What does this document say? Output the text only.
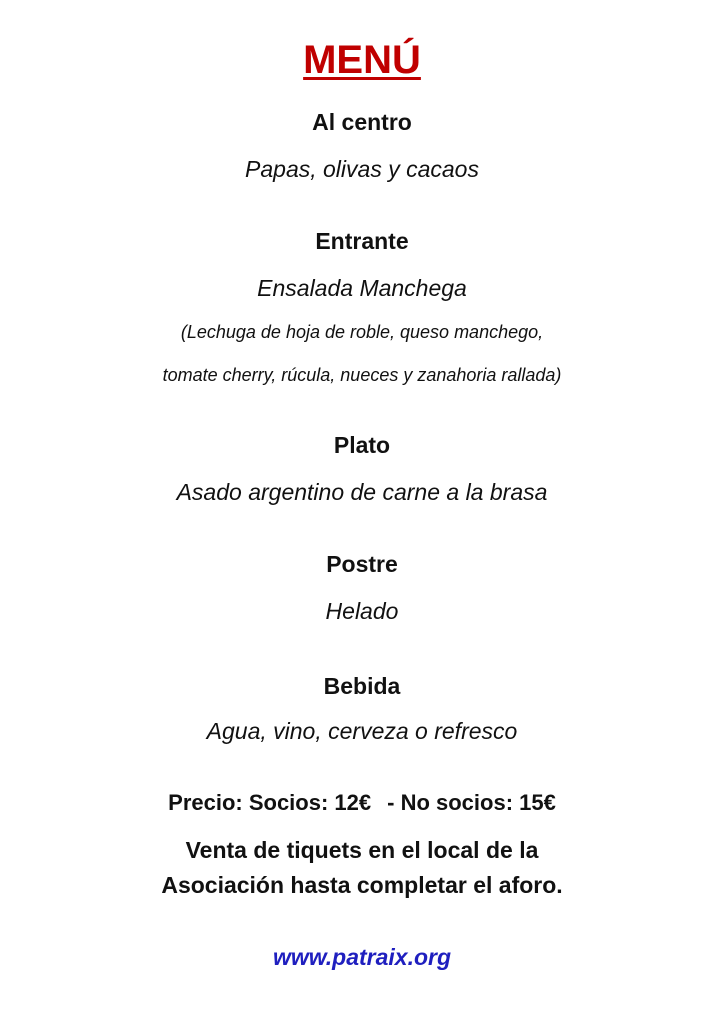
MENÚ
Al centro
Papas, olivas y cacaos
Entrante
Ensalada Manchega
(Lechuga de hoja de roble, queso manchego,
tomate cherry, rúcula, nueces y zanahoria rallada)
Plato
Asado argentino de carne a la brasa
Postre
Helado
Bebida
Agua, vino, cerveza o refresco
Precio: Socios: 12€ - No socios: 15€
Venta de tiquets en el local de la
Asociación hasta completar el aforo.
www.patraix.org
